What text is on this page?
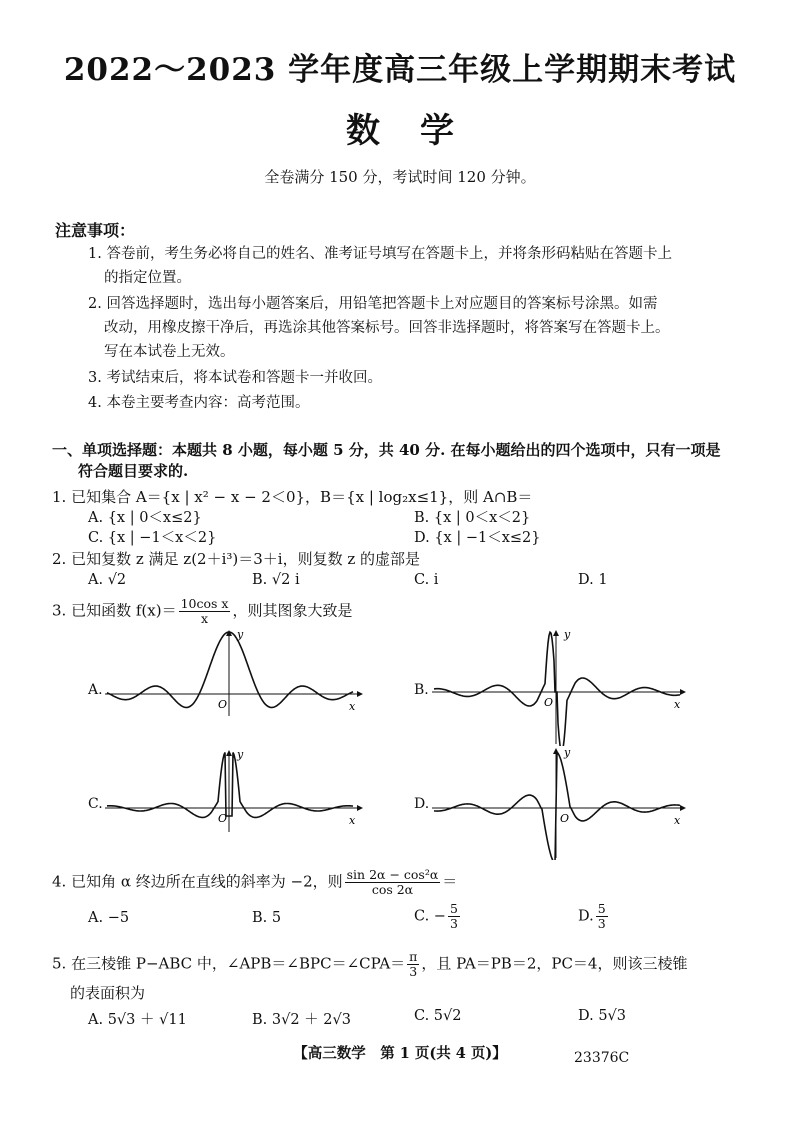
2022～2023 学年度高三年级上学期期末考试
数学
全卷满分 150 分，考试时间 120 分钟。
注意事项：
1. 答卷前，考生务必将自己的姓名、准考证号填写在答题卡上，并将条形码粘贴在答题卡上
的指定位置。
2. 回答选择题时，选出每小题答案后，用铅笔把答题卡上对应题目的答案标号涂黑。如需
改动，用橡皮擦干净后，再选涂其他答案标号。回答非选择题时，将答案写在答题卡上。
写在本试卷上无效。
3. 考试结束后，将本试卷和答题卡一并收回。
4. 本卷主要考查内容：高考范围。
一、单项选择题：本题共 8 小题，每小题 5 分，共 40 分. 在每小题给出的四个选项中，只有一项是
符合题目要求的.
1. 已知集合 A＝{x | x² − x − 2＜0}，B＝{x | log₂x≤1}，则 A∩B＝
A. {x | 0＜x≤2}	B. {x | 0＜x＜2}
C. {x | −1＜x＜2}	D. {x | −1＜x≤2}
2. 已知复数 z 满足 z(2＋i³)＝3＋i，则复数 z 的虚部是
A. √2	B. √2 i	C. i	D. 1
3. 已知函数 $f(x)= \frac{\text{10cos x}}{x}$ ，则其图象大致是
A.	B.
C.	D.
y
x
O
y
x
O
y
x
O
y
x
O
4. 已知角 α 终边所在直线的斜率为 −2，则 $\frac{\text{sin 2α − cos²α}}{\cos 2\alpha}$ ＝
A. −5	B. 5	C. − $\frac{5}{3}$	D. $\frac{5}{3}$
5. 在三棱锥 P−ABC 中，∠APB＝∠BPC＝∠CPA＝ $\frac{\pi}{3}$ ，且 PA＝PB＝2，PC＝4，则该三棱锥
的表面积为
A. 5√3 ＋ √11	B. 3√2 ＋ 2√3	C. 5√2	D. 5√3
【高三数学　第 1 页(共 4 页)】	23376C
